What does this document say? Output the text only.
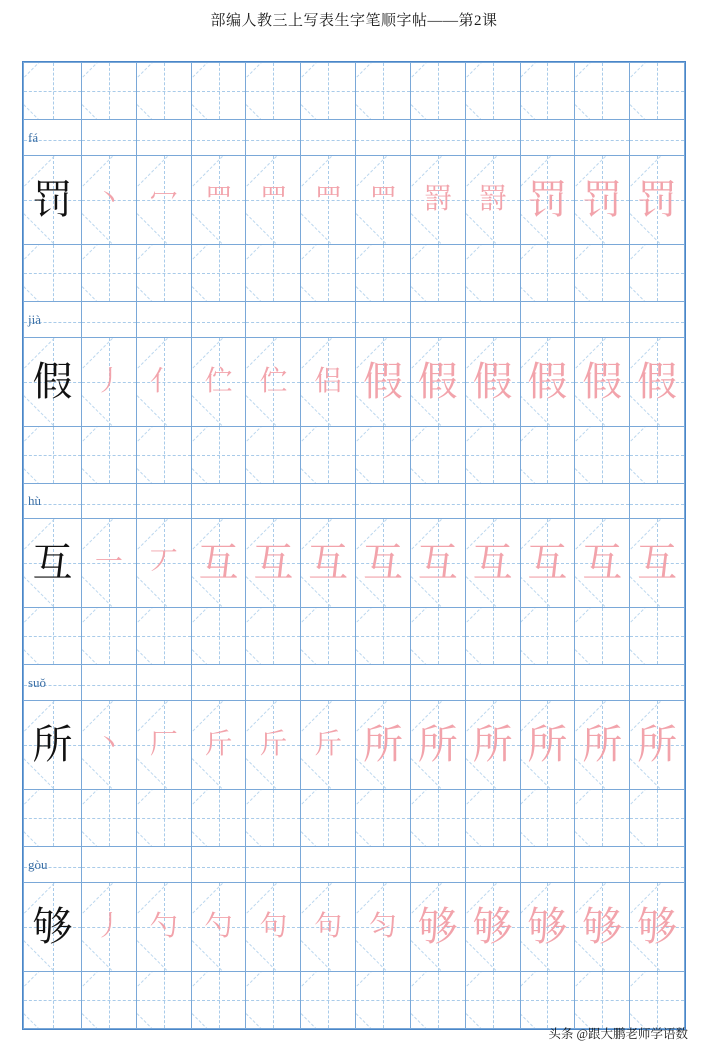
部编人教三上写表生字笔顺字帖——第2课

fá											

罚	丶	冖	罒	罒	罒	罒	罸	罸	罚	罚	罚

jià											

假	丿	亻	伫	伫	侣	假	假	假	假	假	假

hù											

互	一	丆	互	互	互	互	互	互	互	互	互

suǒ											

所	丶	厂	斤	斤	斤	所	所	所	所	所	所

gòu											

够	丿	勺	勺	句	句	匀	够	够	够	够	够

头条 @跟大鹏老师学语数
